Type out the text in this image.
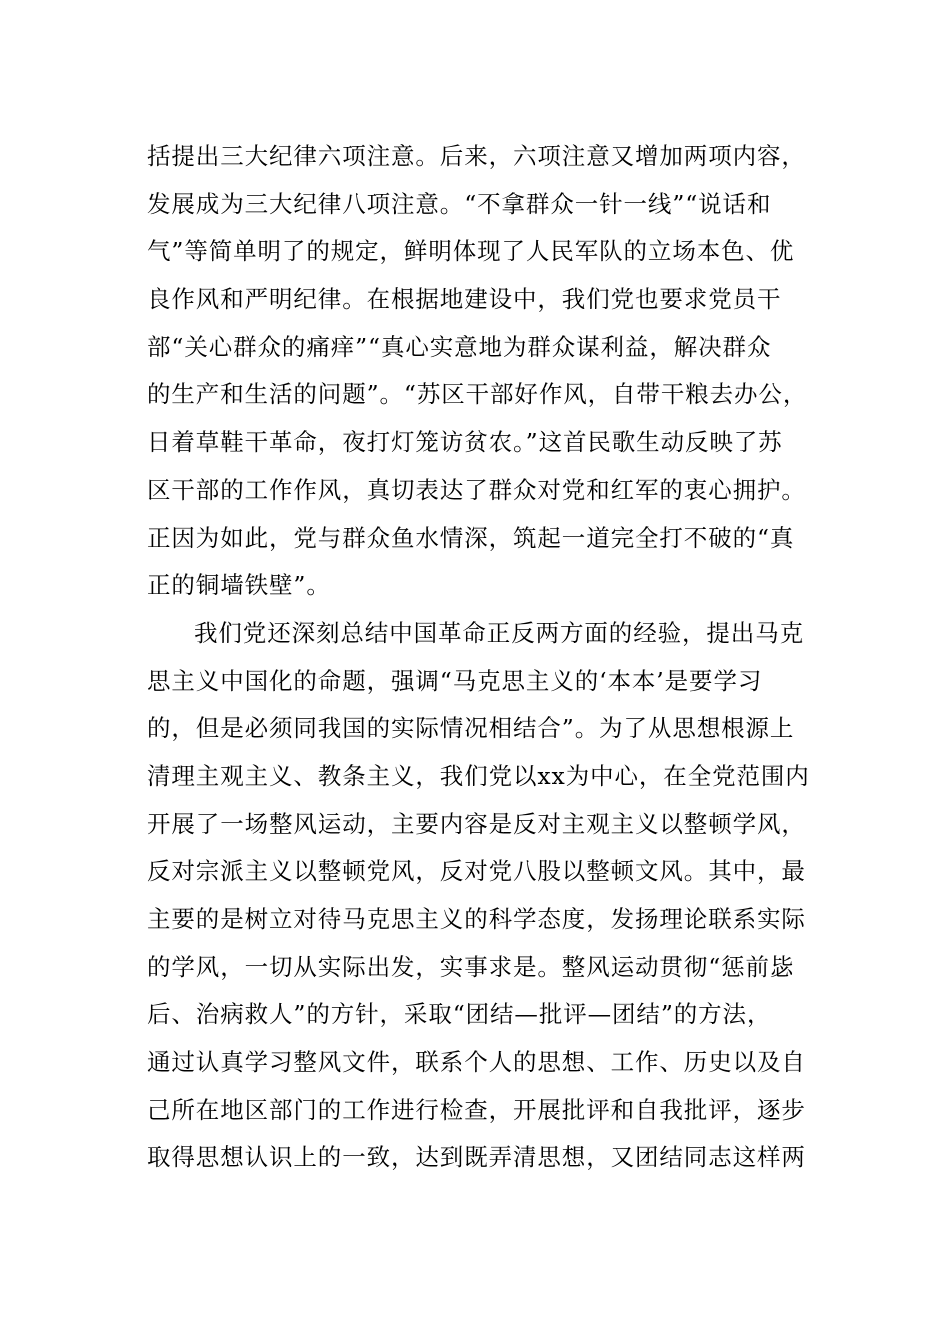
括提出三大纪律六项注意。后来，六项注意又增加两项内容，
发展成为三大纪律八项注意。“不拿群众一针一线”“说话和
气”等简单明了的规定，鲜明体现了人民军队的立场本色、优
良作风和严明纪律。在根据地建设中，我们党也要求党员干
部“关心群众的痛痒”“真心实意地为群众谋利益，解决群众
的生产和生活的问题”。“苏区干部好作风，自带干粮去办公，
日着草鞋干革命，夜打灯笼访贫农。”这首民歌生动反映了苏
区干部的工作作风，真切表达了群众对党和红军的衷心拥护。
正因为如此，党与群众鱼水情深，筑起一道完全打不破的“真
正的铜墙铁壁”。
我们党还深刻总结中国革命正反两方面的经验，提出马克
思主义中国化的命题，强调“马克思主义的‘本本’是要学习
的，但是必须同我国的实际情况相结合”。为了从思想根源上
清理主观主义、教条主义，我们党以xx为中心，在全党范围内
开展了一场整风运动，主要内容是反对主观主义以整顿学风，
反对宗派主义以整顿党风，反对党八股以整顿文风。其中，最
主要的是树立对待马克思主义的科学态度，发扬理论联系实际
的学风，一切从实际出发，实事求是。整风运动贯彻“惩前毖
后、治病救人”的方针，采取“团结—批评—团结”的方法，
通过认真学习整风文件，联系个人的思想、工作、历史以及自
己所在地区部门的工作进行检查，开展批评和自我批评，逐步
取得思想认识上的一致，达到既弄清思想，又团结同志这样两
